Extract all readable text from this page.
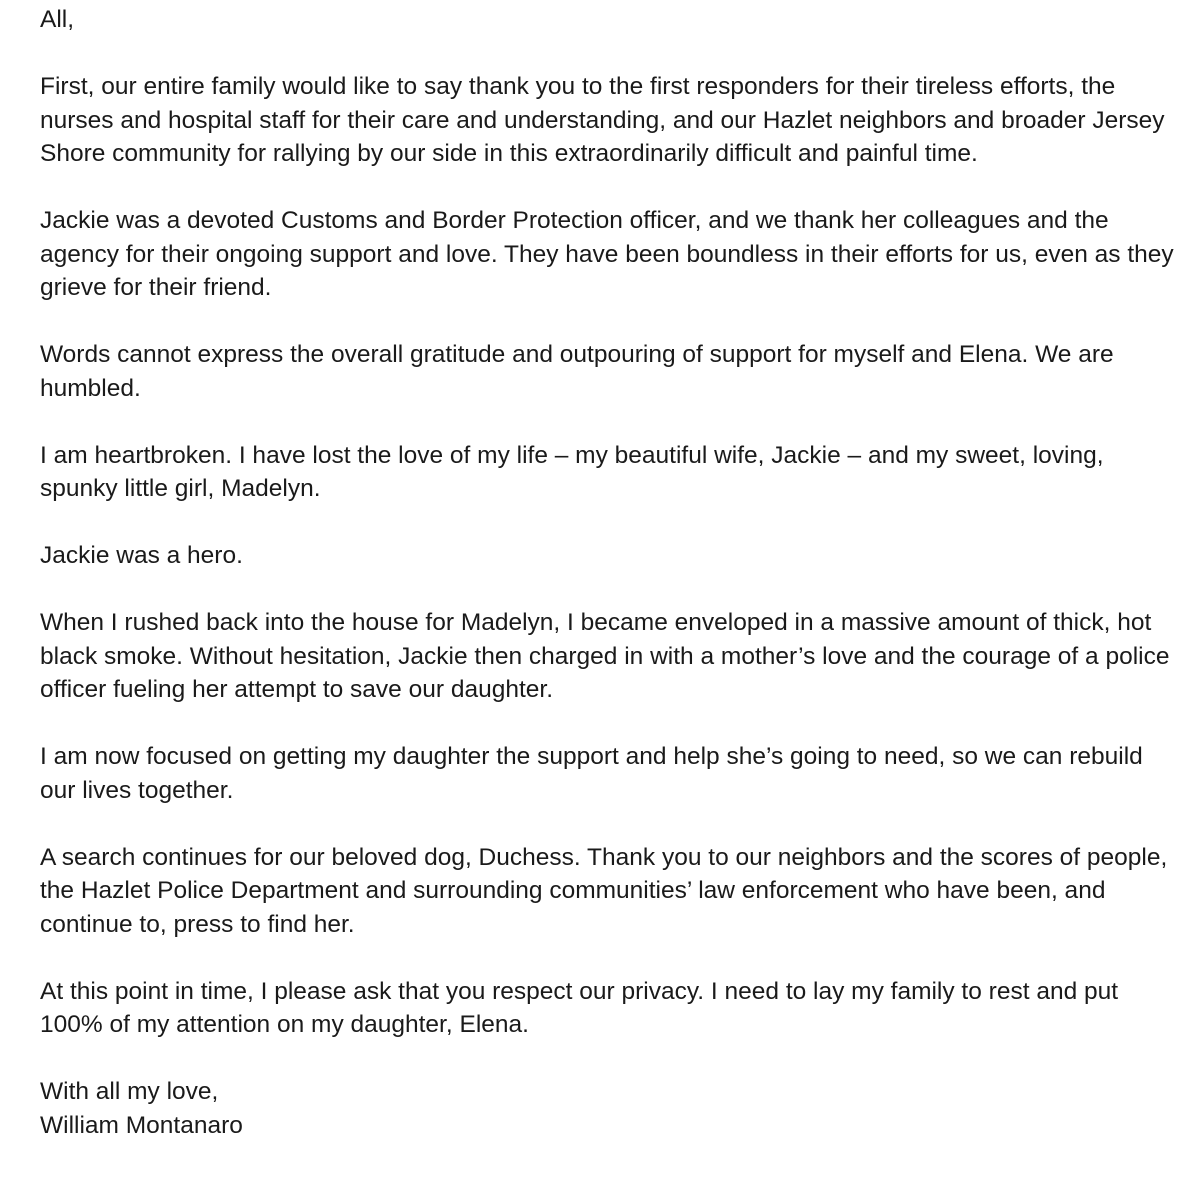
All,

First, our entire family would like to say thank you to the first responders for their tireless efforts, the nurses and hospital staff for their care and understanding, and our Hazlet neighbors and broader Jersey Shore community for rallying by our side in this extraordinarily difficult and painful time.

Jackie was a devoted Customs and Border Protection officer, and we thank her colleagues and the agency for their ongoing support and love. They have been boundless in their efforts for us, even as they grieve for their friend.

Words cannot express the overall gratitude and outpouring of support for myself and Elena. We are humbled.

I am heartbroken. I have lost the love of my life – my beautiful wife, Jackie – and my sweet, loving, spunky little girl, Madelyn.

Jackie was a hero.

When I rushed back into the house for Madelyn, I became enveloped in a massive amount of thick, hot black smoke. Without hesitation, Jackie then charged in with a mother’s love and the courage of a police officer fueling her attempt to save our daughter.

I am now focused on getting my daughter the support and help she’s going to need, so we can rebuild our lives together.

A search continues for our beloved dog, Duchess. Thank you to our neighbors and the scores of people, the Hazlet Police Department and surrounding communities’ law enforcement who have been, and continue to, press to find her.

At this point in time, I please ask that you respect our privacy. I need to lay my family to rest and put 100% of my attention on my daughter, Elena.

With all my love,
William Montanaro
